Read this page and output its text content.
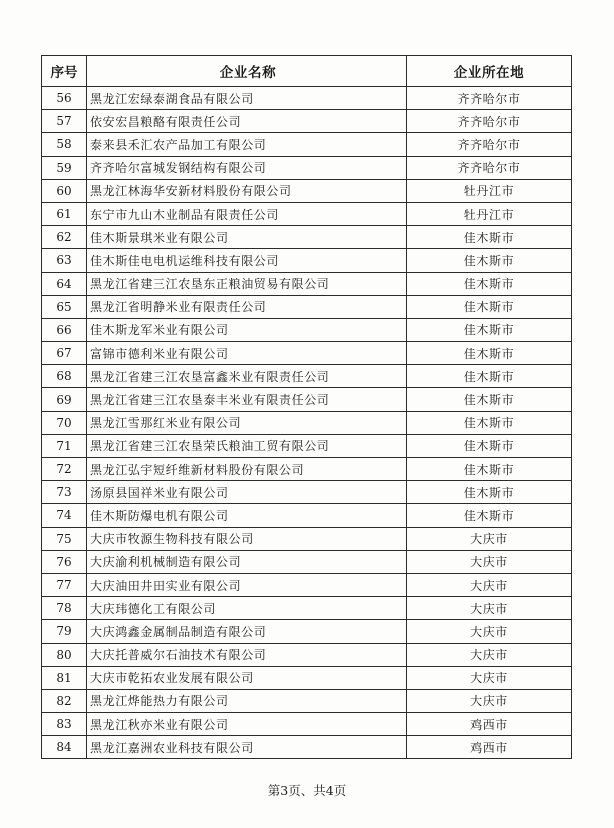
序号	企业名称	企业所在地
56	黑龙江宏绿泰湖食品有限公司	齐齐哈尔市
57	依安宏昌粮酪有限责任公司	齐齐哈尔市
58	泰来县禾汇农产品加工有限公司	齐齐哈尔市
59	齐齐哈尔富城发钢结构有限公司	齐齐哈尔市
60	黑龙江林海华安新材料股份有限公司	牡丹江市
61	东宁市九山木业制品有限责任公司	牡丹江市
62	佳木斯景琪米业有限公司	佳木斯市
63	佳木斯佳电电机运维科技有限公司	佳木斯市
64	黑龙江省建三江农垦东正粮油贸易有限公司	佳木斯市
65	黑龙江省明静米业有限责任公司	佳木斯市
66	佳木斯龙军米业有限公司	佳木斯市
67	富锦市德利米业有限公司	佳木斯市
68	黑龙江省建三江农垦富鑫米业有限责任公司	佳木斯市
69	黑龙江省建三江农垦泰丰米业有限责任公司	佳木斯市
70	黑龙江雪那红米业有限公司	佳木斯市
71	黑龙江省建三江农垦荣氏粮油工贸有限公司	佳木斯市
72	黑龙江弘宇短纤维新材料股份有限公司	佳木斯市
73	汤原县国祥米业有限公司	佳木斯市
74	佳木斯防爆电机有限公司	佳木斯市
75	大庆市牧源生物科技有限公司	大庆市
76	大庆渝利机械制造有限公司	大庆市
77	大庆油田井田实业有限公司	大庆市
78	大庆玮德化工有限公司	大庆市
79	大庆鸿鑫金属制品制造有限公司	大庆市
80	大庆托普威尔石油技术有限公司	大庆市
81	大庆市乾拓农业发展有限公司	大庆市
82	黑龙江烨能热力有限公司	大庆市
83	黑龙江秋亦米业有限公司	鸡西市
84	黑龙江嘉洲农业科技有限公司	鸡西市
第3页、共4页
